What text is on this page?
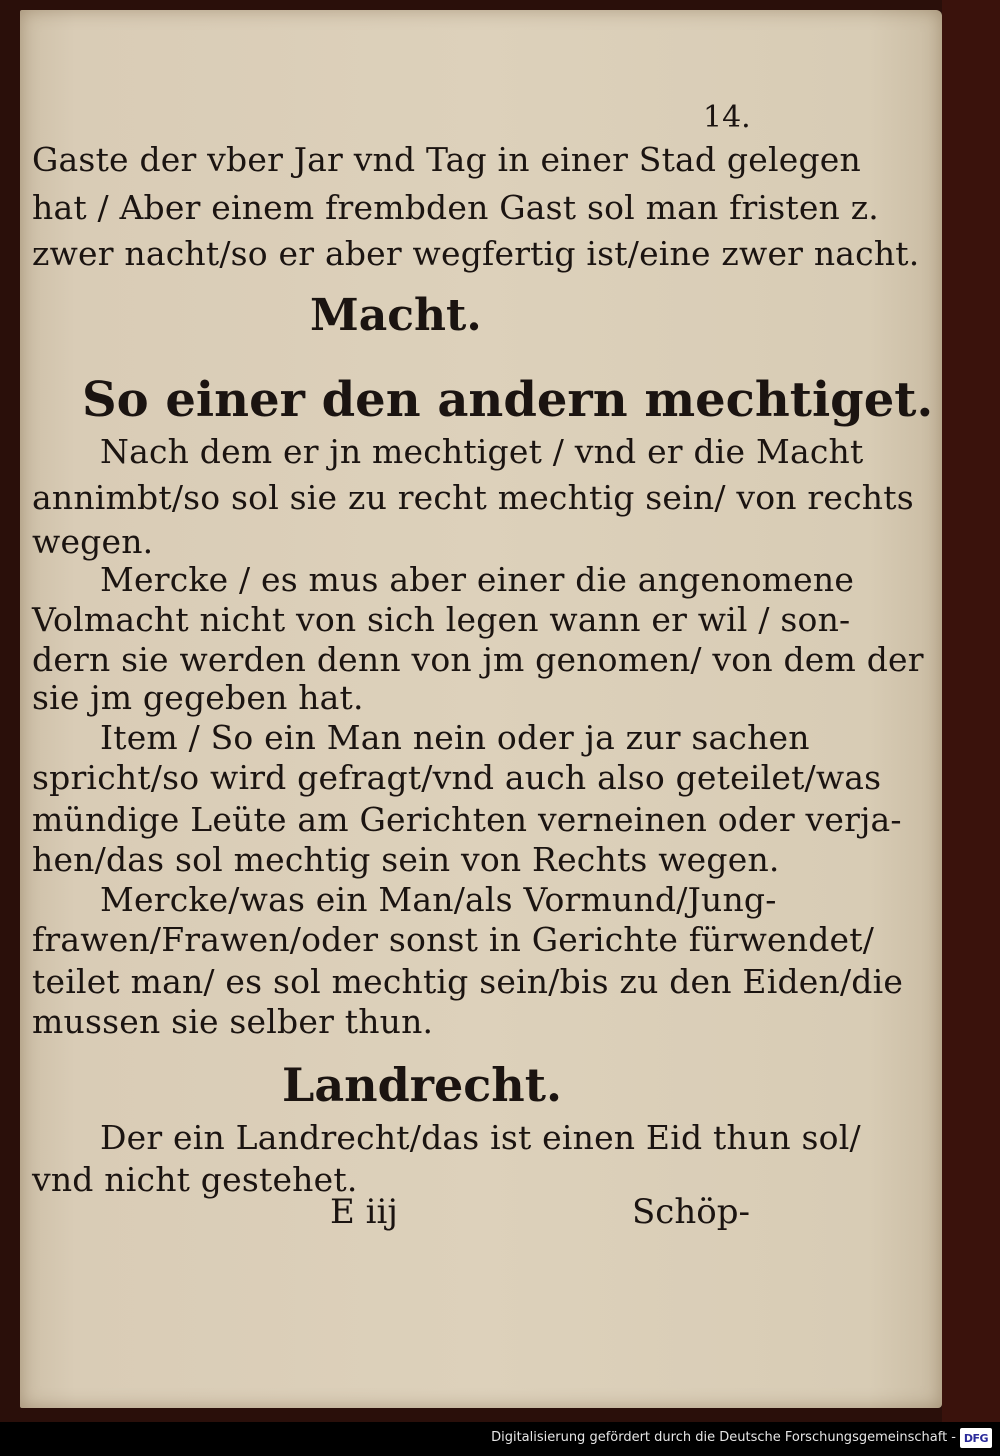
14.
Gaste der vber Jar vnd Tag in einer Stad gelegen
hat / Aber einem frembden Gast sol man fristen z.
zwer nacht/so er aber wegfertig ist/eine zwer nacht.
Macht.
So einer den andern mechtiget.
Nach dem er jn mechtiget / vnd er die Macht
annimbt/so sol sie zu recht mechtig sein/ von rechts
wegen.
Mercke / es mus aber einer die angenomene
Volmacht nicht von sich legen wann er wil / son-
dern sie werden denn von jm genomen/ von dem der
sie jm gegeben hat.
Item / So ein Man nein oder ja zur sachen
spricht/so wird gefragt/vnd auch also geteilet/was
mündige Leüte am Gerichten verneinen oder verja-
hen/das sol mechtig sein von Rechts wegen.
Mercke/was ein Man/als Vormund/Jung-
frawen/Frawen/oder sonst in Gerichte fürwendet/
teilet man/ es sol mechtig sein/bis zu den Eiden/die
mussen sie selber thun.
Landrecht.
Der ein Landrecht/das ist einen Eid thun sol/
vnd nicht gestehet.
E iij	Schöp-
Digitalisierung gefördert durch die Deutsche Forschungsgemeinschaft - DFG
